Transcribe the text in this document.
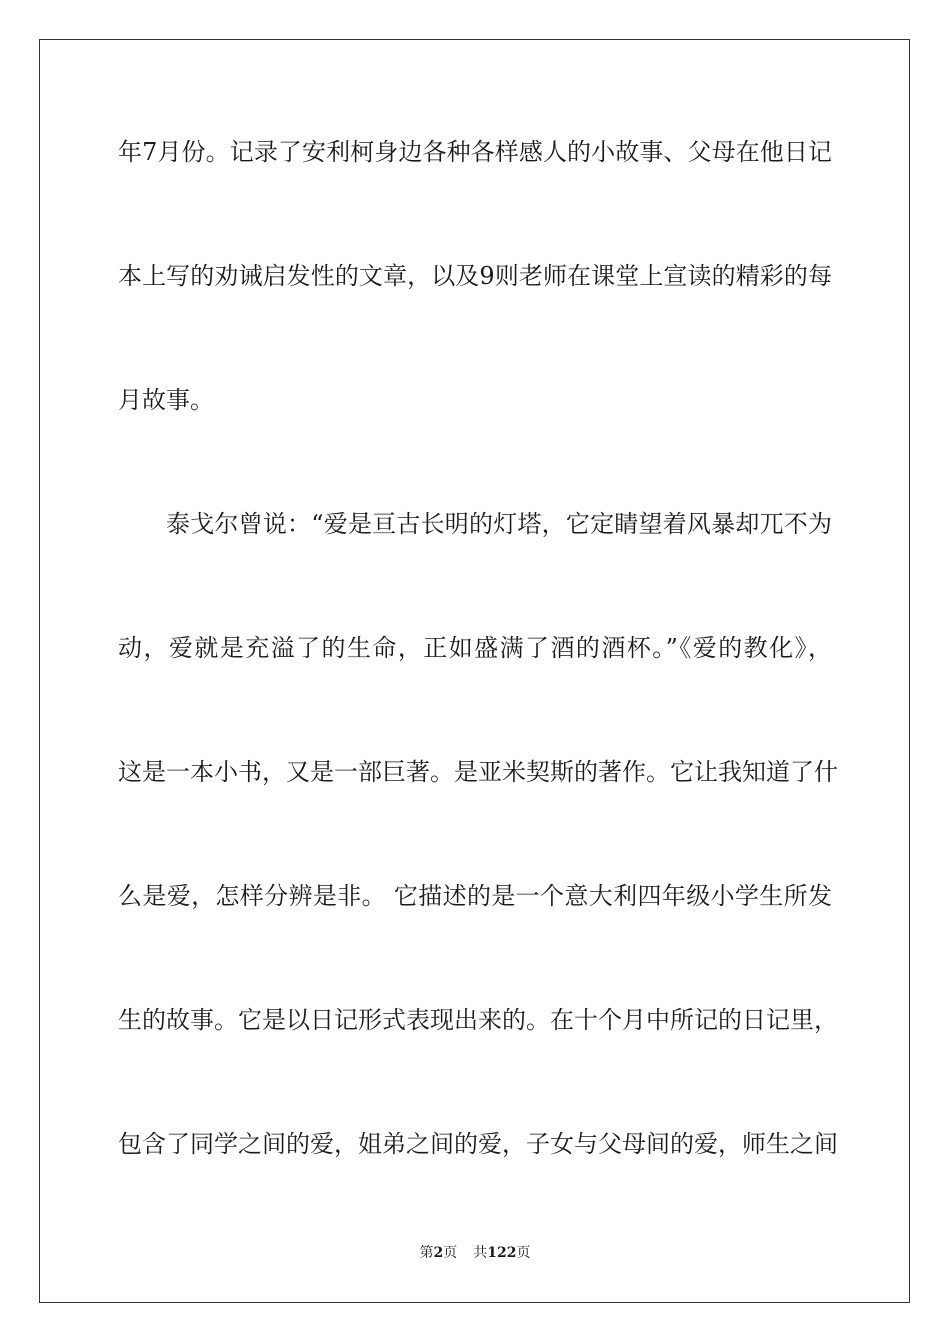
年7月份。记录了安利柯身边各种各样感人的小故事、父母在他日记
本上写的劝诫启发性的文章，以及9则老师在课堂上宣读的精彩的每
月故事。
泰戈尔曾说：“爱是亘古长明的灯塔，它定睛望着风暴却兀不为
动，爱就是充溢了的生命，正如盛满了酒的酒杯。”《爱的教化》，
这是一本小书，又是一部巨著。是亚米契斯的著作。它让我知道了什
么是爱，怎样分辨是非。 它描述的是一个意大利四年级小学生所发
生的故事。它是以日记形式表现出来的。在十个月中所记的日记里，
包含了同学之间的爱，姐弟之间的爱，子女与父母间的爱，师生之间
第2页 共122页
